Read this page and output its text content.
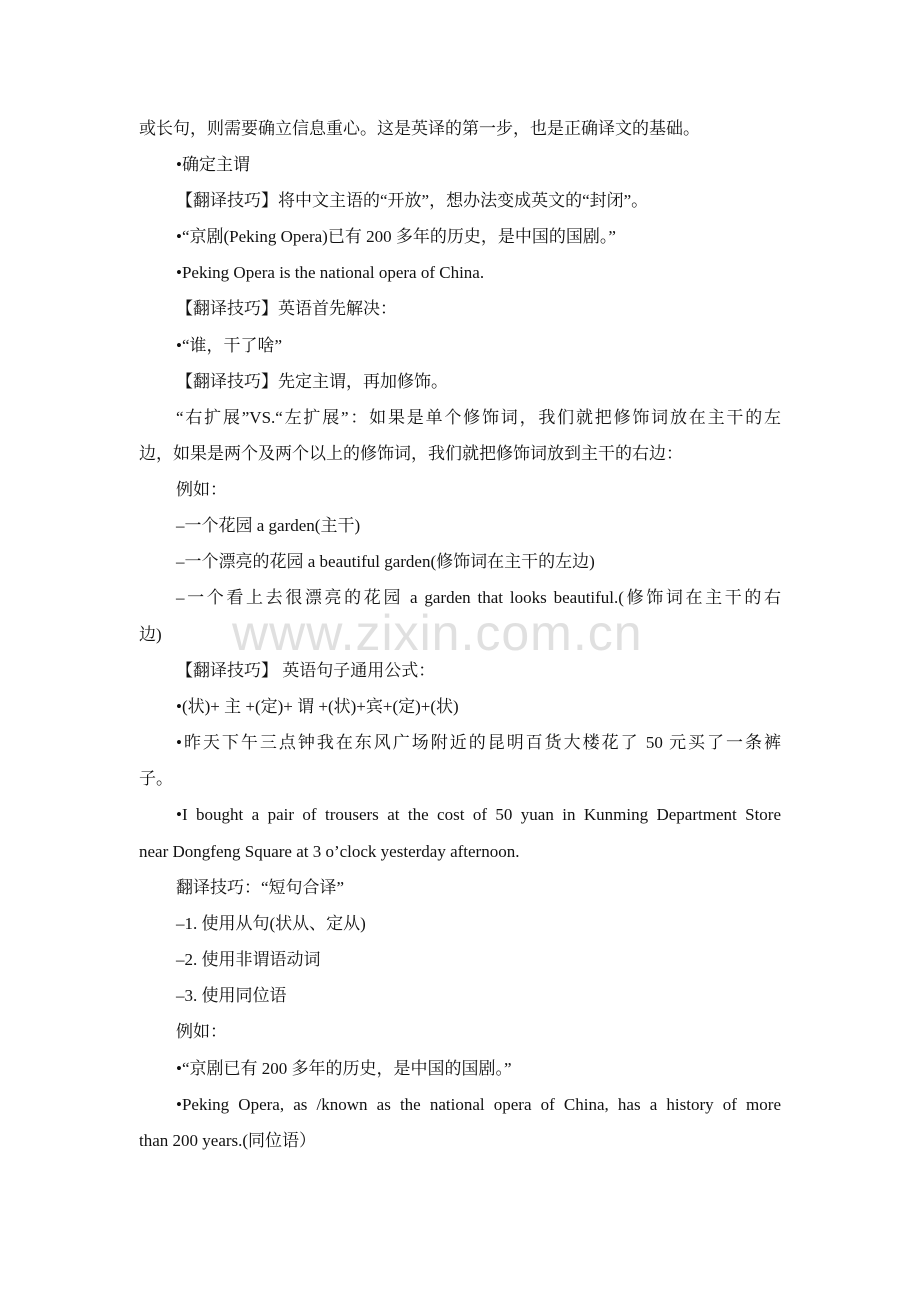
或长句，则需要确立信息重心。这是英译的第一步，也是正确译文的基础。
•确定主谓
【翻译技巧】将中文主语的“开放”，想办法变成英文的“封闭”。
•“京剧(Peking Opera)已有 200 多年的历史，是中国的国剧。”
•Peking Opera is the national opera of China.
【翻译技巧】英语首先解决：
•“谁，干了啥”
【翻译技巧】先定主谓，再加修饰。
“右扩展”VS.“左扩展”：如果是单个修饰词，我们就把修饰词放在主干的左
边，如果是两个及两个以上的修饰词，我们就把修饰词放到主干的右边：
例如：
–一个花园 a garden(主干)
–一个漂亮的花园 a beautiful garden(修饰词在主干的左边)
–一个看上去很漂亮的花园 a garden that looks beautiful.(修饰词在主干的右
边)
【翻译技巧】 英语句子通用公式：
•(状)+ 主 +(定)+ 谓 +(状)+宾+(定)+(状)
•昨天下午三点钟我在东风广场附近的昆明百货大楼花了 50 元买了一条裤
子。
•I bought a pair of trousers at the cost of 50 yuan in Kunming Department Store
near Dongfeng Square at 3 o’clock yesterday afternoon.
翻译技巧：“短句合译”
–1. 使用从句(状从、定从)
–2. 使用非谓语动词
–3. 使用同位语
例如：
•“京剧已有 200 多年的历史，是中国的国剧。”
•Peking Opera, as /known as the national opera of China, has a history of more
than 200 years.(同位语）
www.zixin.com.cn
